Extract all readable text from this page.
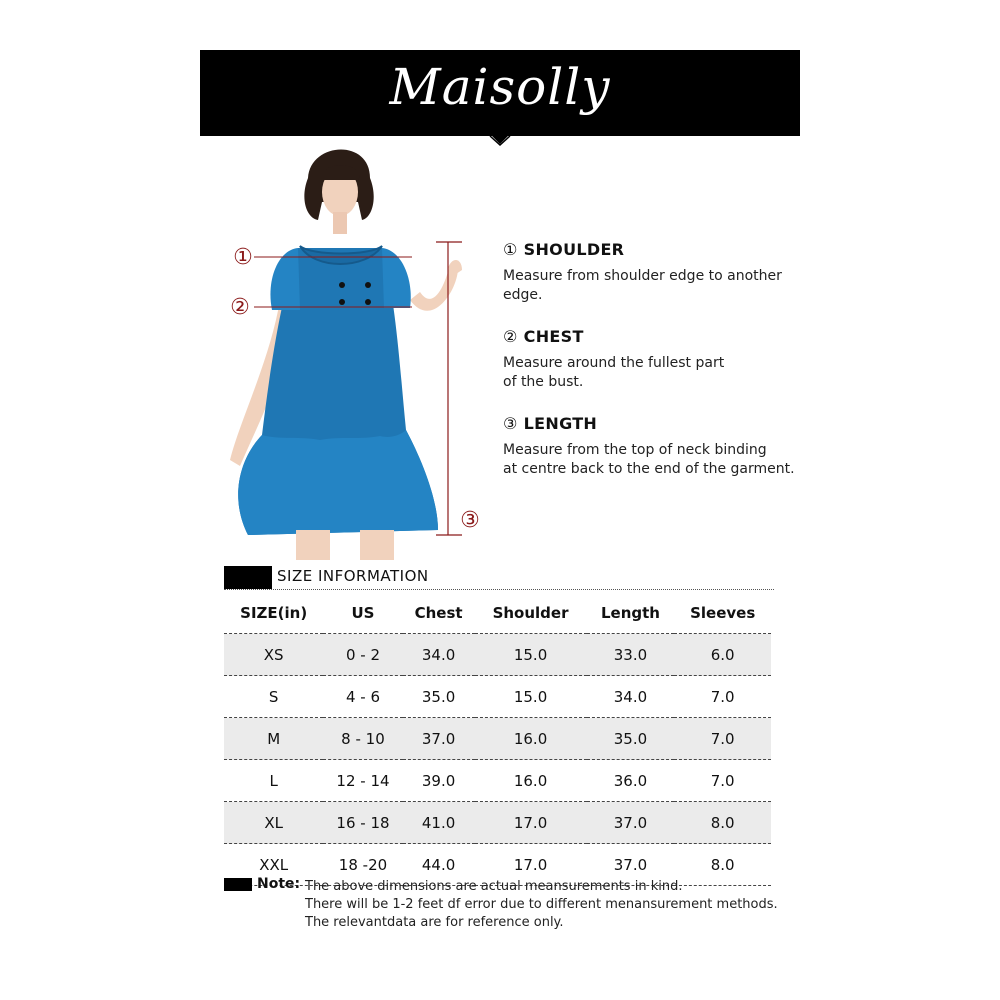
Maisolly
①
②
③
① SHOULDER
Measure from shoulder edge to another
edge.
② CHEST
Measure around the fullest part
of the bust.
③ LENGTH
Measure from the top of neck binding
at centre back to the end of the garment.
SIZE INFORMATION
SIZE(in)	US	Chest	Shoulder	Length	Sleeves
XS	0 - 2	34.0	15.0	33.0	6.0
S	4 - 6	35.0	15.0	34.0	7.0
M	8 - 10	37.0	16.0	35.0	7.0
L	12 - 14	39.0	16.0	36.0	7.0
XL	16 - 18	41.0	17.0	37.0	8.0
XXL	18 -20	44.0	17.0	37.0	8.0
Note: The above dimensions are actual meansurements in kind.
There will be 1-2 feet df error due to different menansurement methods.
The relevantdata are for reference only.
